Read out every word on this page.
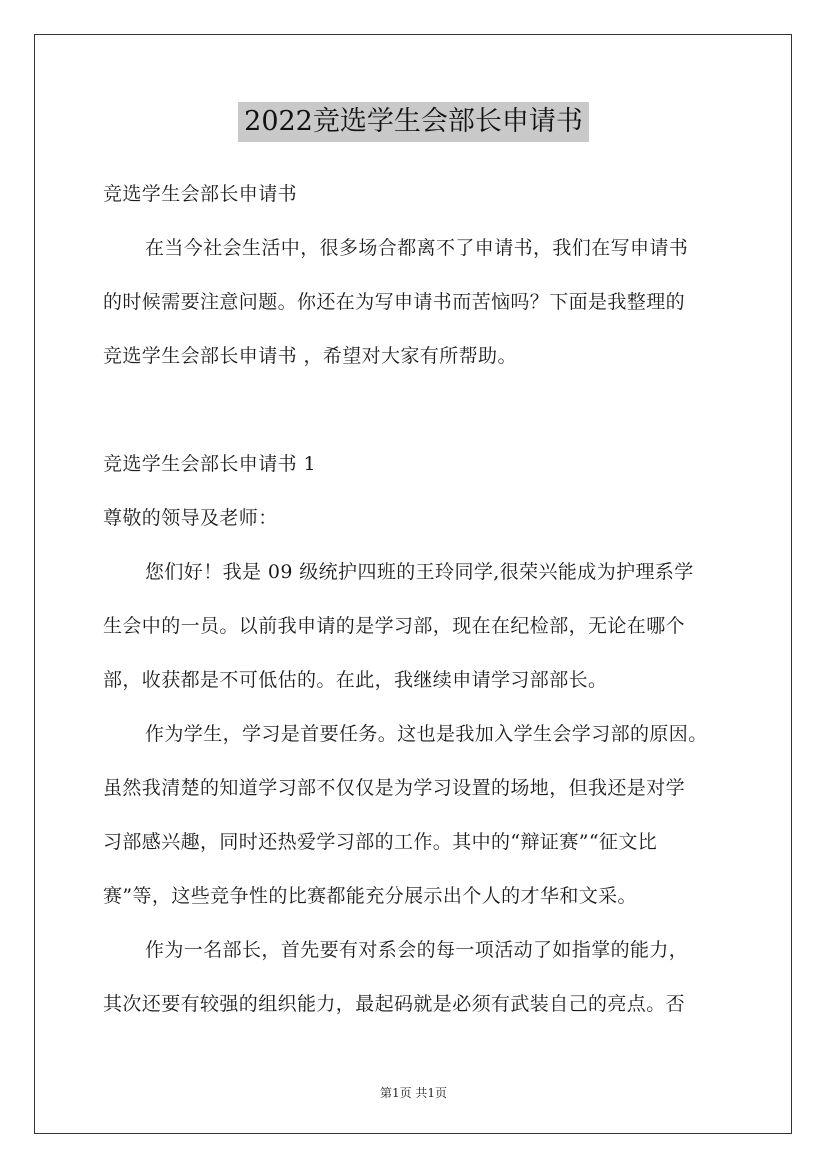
2022竞选学生会部长申请书
竞选学生会部长申请书
在当今社会生活中，很多场合都离不了申请书，我们在写申请书
的时候需要注意问题。你还在为写申请书而苦恼吗？下面是我整理的
竞选学生会部长申请书 ，希望对大家有所帮助。
竞选学生会部长申请书 1
尊敬的领导及老师：
您们好！我是 09 级统护四班的王玲同学,很荣兴能成为护理系学
生会中的一员。以前我申请的是学习部，现在在纪检部，无论在哪个
部，收获都是不可低估的。在此，我继续申请学习部部长。
作为学生，学习是首要任务。这也是我加入学生会学习部的原因。
虽然我清楚的知道学习部不仅仅是为学习设置的场地，但我还是对学
习部感兴趣，同时还热爱学习部的工作。其中的“辩证赛”“征文比
赛”等，这些竞争性的比赛都能充分展示出个人的才华和文采。
作为一名部长，首先要有对系会的每一项活动了如指掌的能力，
其次还要有较强的组织能力，最起码就是必须有武装自己的亮点。否
第1页 共1页
